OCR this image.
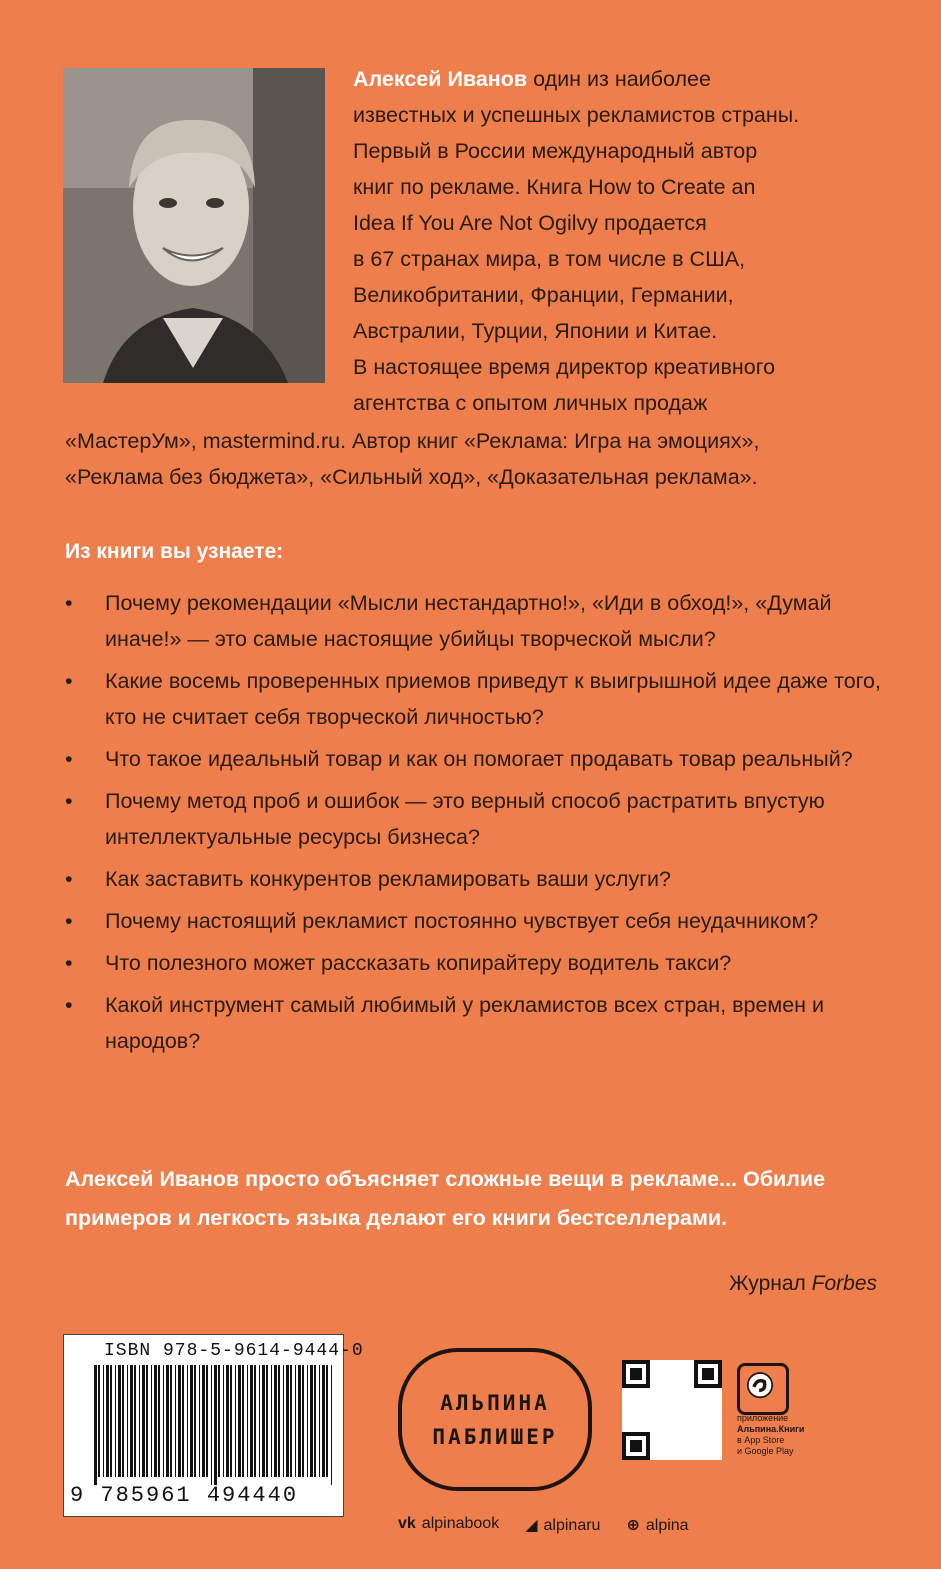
Алексей Иванов один из наиболее
известных и успешных рекламистов страны.
Первый в России международный автор
книг по рекламе. Книга How to Create an
Idea If You Are Not Ogilvy продается
в 67 странах мира, в том числе в США,
Великобритании, Франции, Германии,
Австралии, Турции, Японии и Китае.
В настоящее время директор креативного
агентства с опытом личных продаж
«МастерУм», mastermind.ru. Автор книг «Реклама: Игра на эмоциях»,
«Реклама без бюджета», «Сильный ход», «Доказательная реклама».
Из книги вы узнаете:
• Почему рекомендации «Мысли нестандартно!», «Иди в обход!», «Думай иначе!» — это самые настоящие убийцы творческой мысли?
• Какие восемь проверенных приемов приведут к выигрышной идее даже того, кто не считает себя творческой личностью?
• Что такое идеальный товар и как он помогает продавать товар реальный?
• Почему метод проб и ошибок — это верный способ растратить впустую интеллектуальные ресурсы бизнеса?
• Как заставить конкурентов рекламировать ваши услуги?
• Почему настоящий рекламист постоянно чувствует себя неудачником?
• Что полезного может рассказать копирайтеру водитель такси?
• Какой инструмент самый любимый у рекламистов всех стран, времен и народов?
Алексей Иванов просто объясняет сложные вещи в рекламе... Обилие примеров и легкость языка делают его книги бестселлерами.
Журнал Forbes
ISBN 978-5-9614-9444-0
9 785961 494440
АЛЬПИНА
ПАБЛИШЕР
приложение
Альпина.Книги
в App Store
и Google Play
vk alpinabook ◢ alpinaru ⊕ alpina
